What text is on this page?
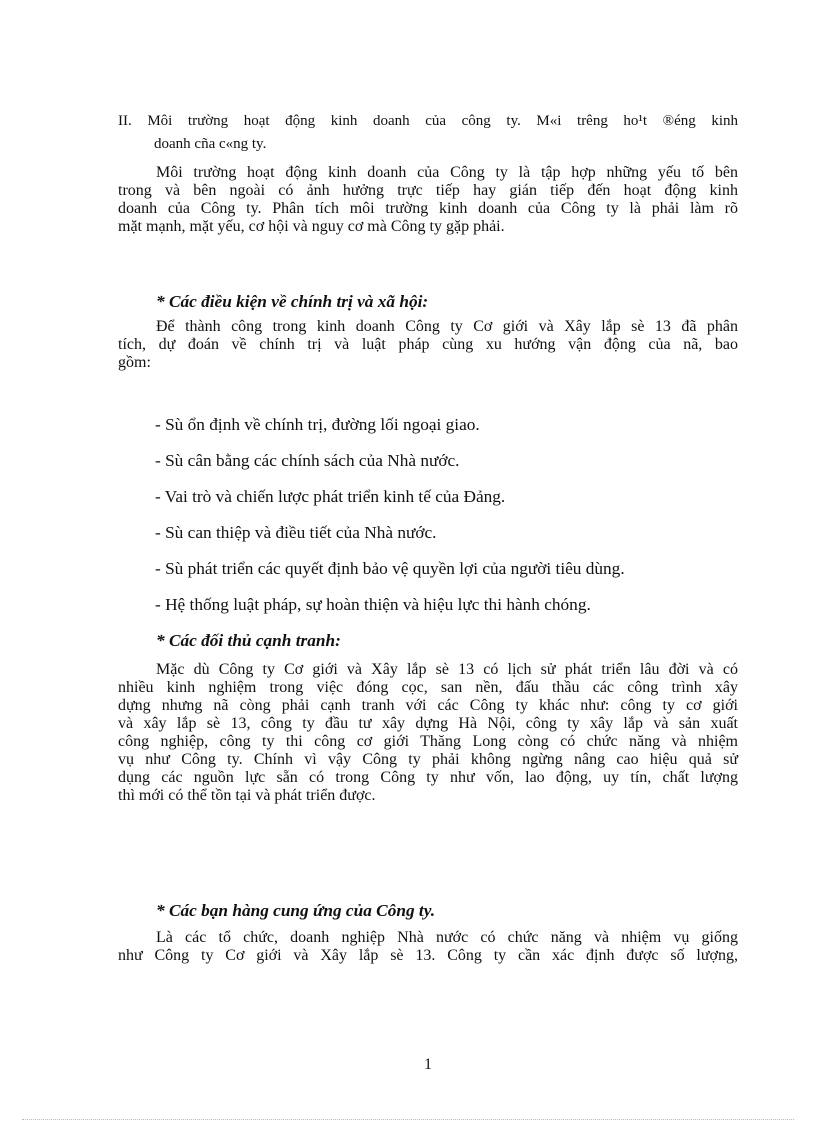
II. Môi trường hoạt động kinh doanh của công ty. M«i trêng ho¹t ®éng kinh
doanh cña c«ng ty.
Môi trường hoạt động kinh doanh của Công ty là tập hợp những yếu tố bên
trong và bên ngoài có ảnh hưởng trực tiếp hay gián tiếp đến hoạt động kinh
doanh của Công ty. Phân tích môi trường kinh doanh của Công ty là phải làm rõ
mặt mạnh, mặt yếu, cơ hội và nguy cơ mà Công ty gặp phải.

* Các điều kiện về chính trị và xã hội:

Để thành công trong kinh doanh Công ty Cơ giới và Xây lắp sè 13 đã phân
tích, dự đoán về chính trị và luật pháp cùng xu hướng vận động của nã, bao
gồm:

- Sù ổn định về chính trị, đường lối ngoại giao.

- Sù cân bằng các chính sách của Nhà nước.

- Vai trò và chiến lược phát triển kinh tế của Đảng.

- Sù can thiệp và điều tiết của Nhà nước.

- Sù phát triển các quyết định bảo vệ quyền lợi của người tiêu dùng.

- Hệ thống luật pháp, sự hoàn thiện và hiệu lực thi hành chóng.

* Các đối thủ cạnh tranh:

Mặc dù Công ty Cơ giới và Xây lắp sè 13 có lịch sử phát triển lâu đời và có
nhiều kinh nghiệm trong việc đóng cọc, san nền, đấu thầu các công trình xây
dựng nhưng nã còng phải cạnh tranh với các Công ty khác như: công ty cơ giới
và xây lắp sè 13, công ty đầu tư xây dựng Hà Nội, công ty xây lắp và sản xuất
công nghiệp, công ty thi công cơ giới Thăng Long còng có chức năng và nhiệm
vụ như Công ty. Chính vì vậy Công ty phải không ngừng nâng cao hiệu quả sử
dụng các nguồn lực sẵn có trong Công ty như vốn, lao động, uy tín, chất lượng
thì mới có thể tồn tại và phát triển được.

* Các bạn hàng cung ứng của Công ty.

Là các tổ chức, doanh nghiệp Nhà nước có chức năng và nhiệm vụ giống
như Công ty Cơ giới và Xây lắp sè 13. Công ty cần xác định được số lượng,
1
